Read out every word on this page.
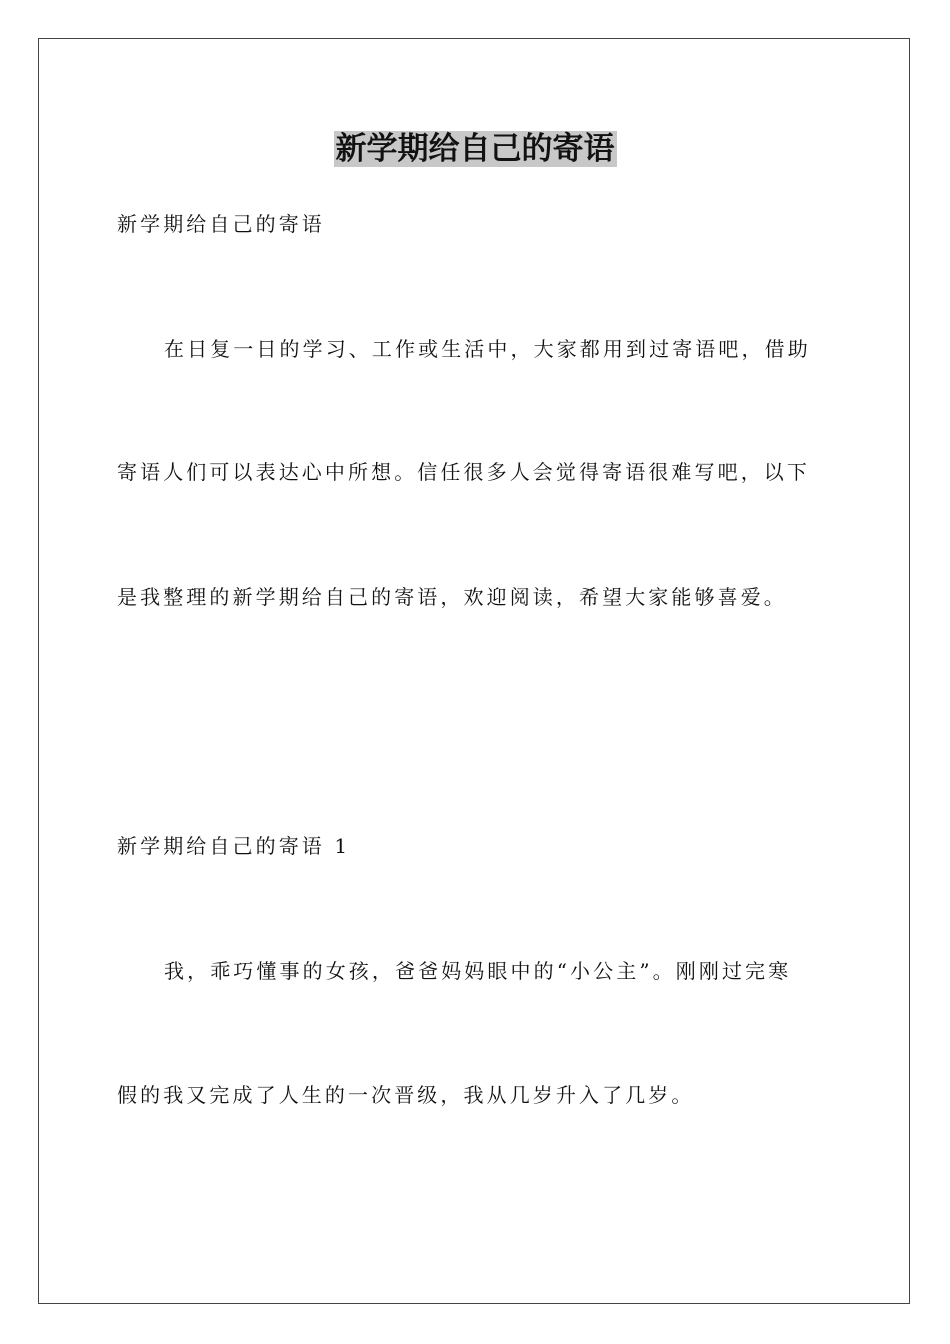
新学期给自己的寄语

新学期给自己的寄语

在日复一日的学习、工作或生活中，大家都用到过寄语吧，借助

寄语人们可以表达心中所想。信任很多人会觉得寄语很难写吧，以下

是我整理的新学期给自己的寄语，欢迎阅读，希望大家能够喜爱。

新学期给自己的寄语 1

我，乖巧懂事的女孩，爸爸妈妈眼中的“小公主”。刚刚过完寒

假的我又完成了人生的一次晋级，我从几岁升入了几岁。
